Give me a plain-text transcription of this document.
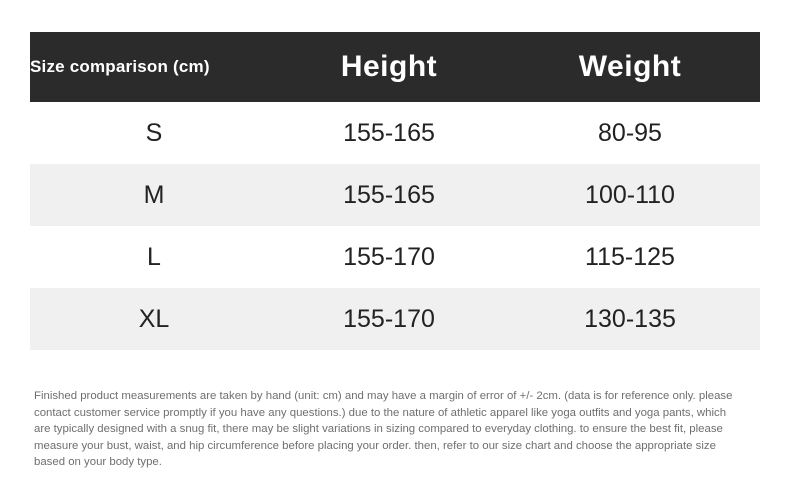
Size comparison (cm)	Height	Weight
S	155-165	80-95
M	155-165	100-110
L	155-170	115-125
XL	155-170	130-135
Finished product measurements are taken by hand (unit: cm) and may have a margin of error of +/- 2cm. (data is for reference only. please contact customer service promptly if you have any questions.) due to the nature of athletic apparel like yoga outfits and yoga pants, which are typically designed with a snug fit, there may be slight variations in sizing compared to everyday clothing. to ensure the best fit, please measure your bust, waist, and hip circumference before placing your order. then, refer to our size chart and choose the appropriate size based on your body type.
